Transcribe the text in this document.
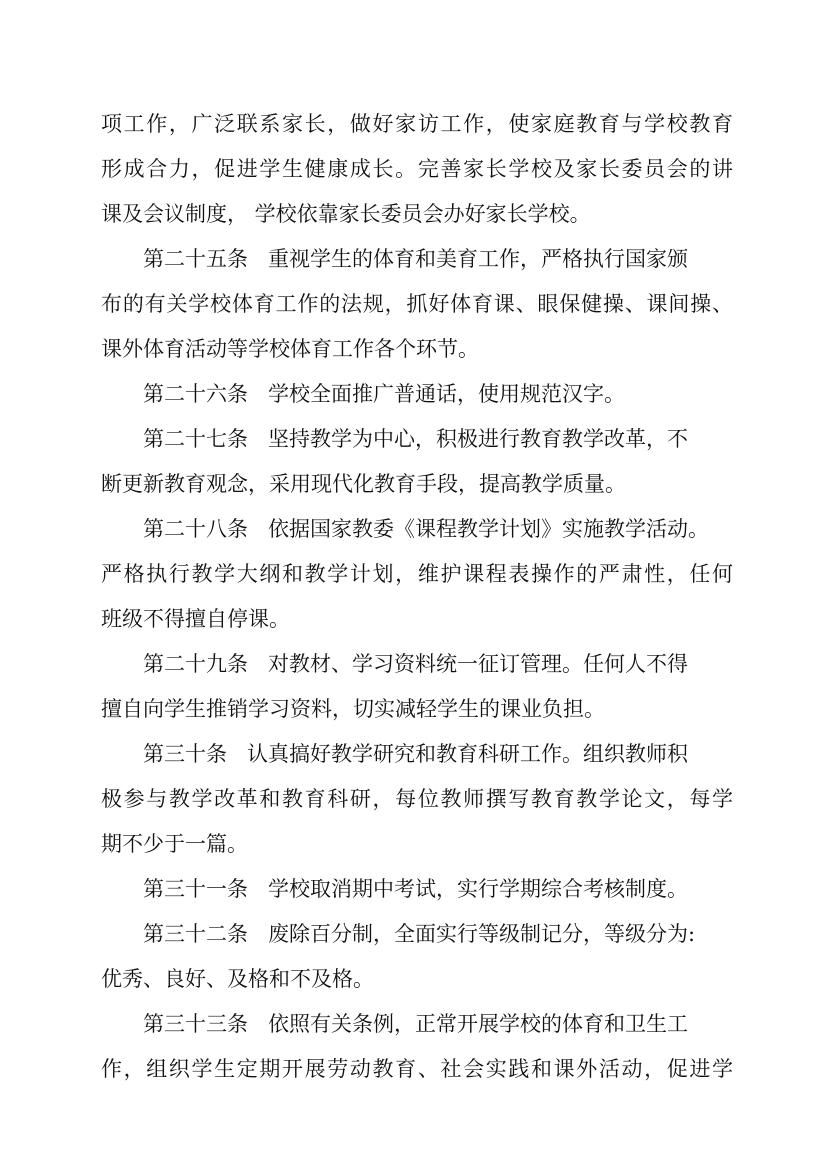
项工作，广泛联系家长，做好家访工作，使家庭教育与学校教育
形成合力，促进学生健康成长。完善家长学校及家长委员会的讲
课及会议制度， 学校依靠家长委员会办好家长学校。
第二十五条 重视学生的体育和美育工作，严格执行国家颁
布的有关学校体育工作的法规，抓好体育课、眼保健操、课间操、
课外体育活动等学校体育工作各个环节。
第二十六条 学校全面推广普通话，使用规范汉字。
第二十七条 坚持教学为中心，积极进行教育教学改革，不
断更新教育观念，采用现代化教育手段，提高教学质量。
第二十八条 依据国家教委《课程教学计划》实施教学活动。
严格执行教学大纲和教学计划，维护课程表操作的严肃性，任何
班级不得擅自停课。
第二十九条 对教材、学习资料统一征订管理。任何人不得
擅自向学生推销学习资料，切实减轻学生的课业负担。
第三十条 认真搞好教学研究和教育科研工作。组织教师积
极参与教学改革和教育科研，每位教师撰写教育教学论文，每学
期不少于一篇。
第三十一条 学校取消期中考试，实行学期综合考核制度。
第三十二条 废除百分制，全面实行等级制记分，等级分为:
优秀、良好、及格和不及格。
第三十三条 依照有关条例，正常开展学校的体育和卫生工
作，组织学生定期开展劳动教育、社会实践和课外活动，促进学
